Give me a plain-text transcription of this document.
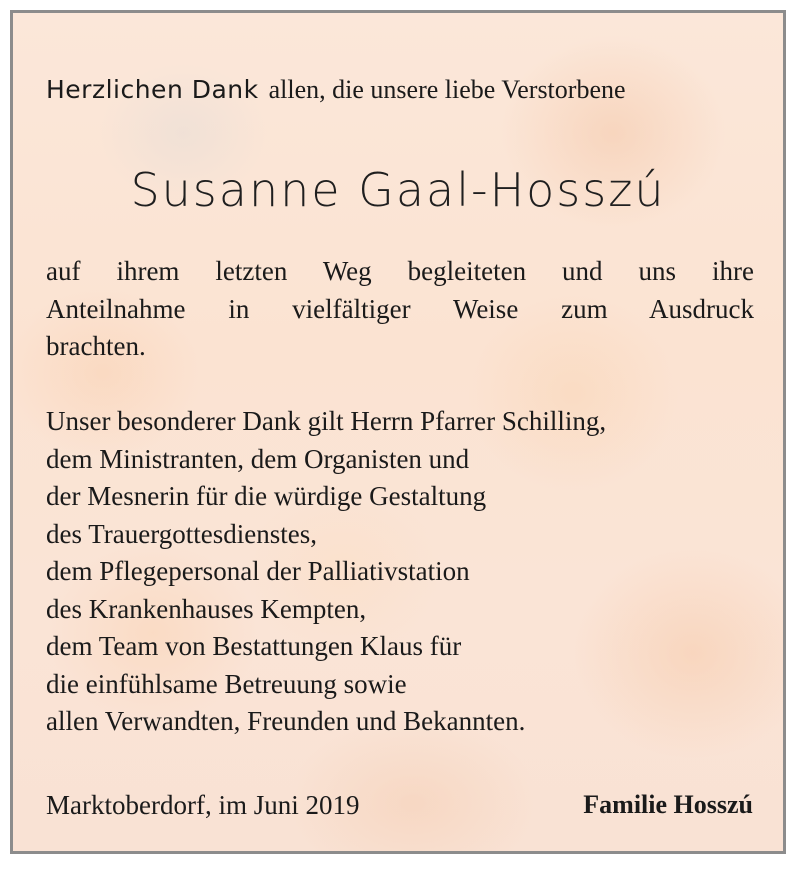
Herzlichen Dank allen, die unsere liebe Verstorbene
Susanne Gaal-Hosszú
auf ihrem letzten Weg begleiteten und uns ihre
Anteilnahme in vielfältiger Weise zum Ausdruck
brachten.
Unser besonderer Dank gilt Herrn Pfarrer Schilling,
dem Ministranten, dem Organisten und
der Mesnerin für die würdige Gestaltung
des Trauergottesdienstes,
dem Pflegepersonal der Palliativstation
des Krankenhauses Kempten,
dem Team von Bestattungen Klaus für
die einfühlsame Betreuung sowie
allen Verwandten, Freunden und Bekannten.
Marktoberdorf, im Juni 2019	Familie Hosszú
